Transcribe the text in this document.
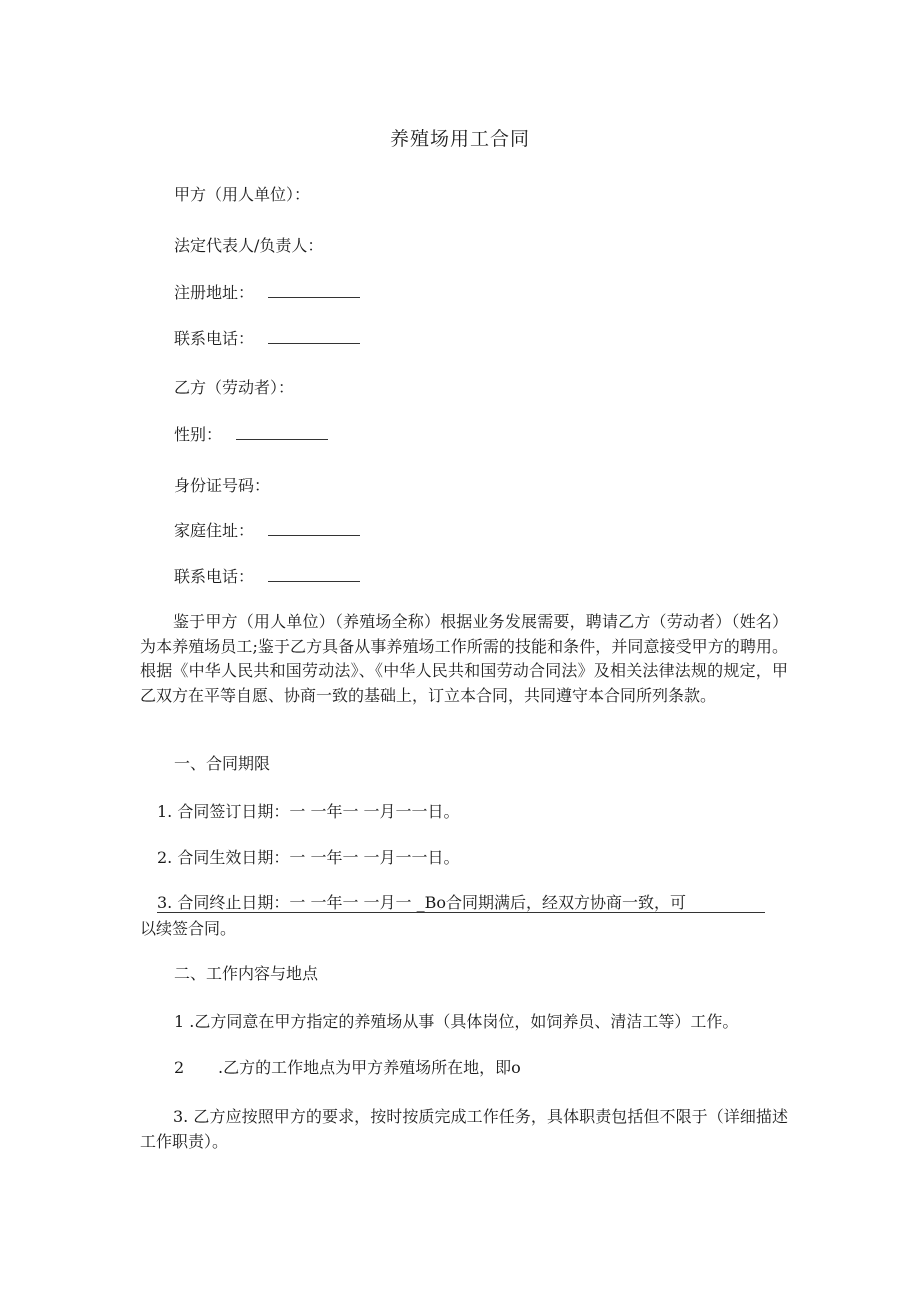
养殖场用工合同
甲方（用人单位）：
法定代表人/负责人：
注册地址：
联系电话：
乙方（劳动者）：
性别：
身份证号码：
家庭住址：
联系电话：
鉴于甲方（用人单位）（养殖场全称）根据业务发展需要，聘请乙方（劳动者）（姓名）为本养殖场员工;鉴于乙方具备从事养殖场工作所需的技能和条件，并同意接受甲方的聘用。根据《中华人民共和国劳动法》、《中华人民共和国劳动合同法》及相关法律法规的规定，甲乙双方在平等自愿、协商一致的基础上，订立本合同，共同遵守本合同所列条款。
一、合同期限
1. 合同签订日期：一 一年一 一月一一日。
2. 合同生效日期：一 一年一 一月一一日。
3. 合同终止日期：一 一年一 一月一 _Bo合同期满后，经双方协商一致，可
以续签合同。
二、工作内容与地点
1 .乙方同意在甲方指定的养殖场从事（具体岗位，如饲养员、清洁工等）工作。
2 .乙方的工作地点为甲方养殖场所在地，即o
3. 乙方应按照甲方的要求，按时按质完成工作任务，具体职责包括但不限于（详细描述工作职责）。
